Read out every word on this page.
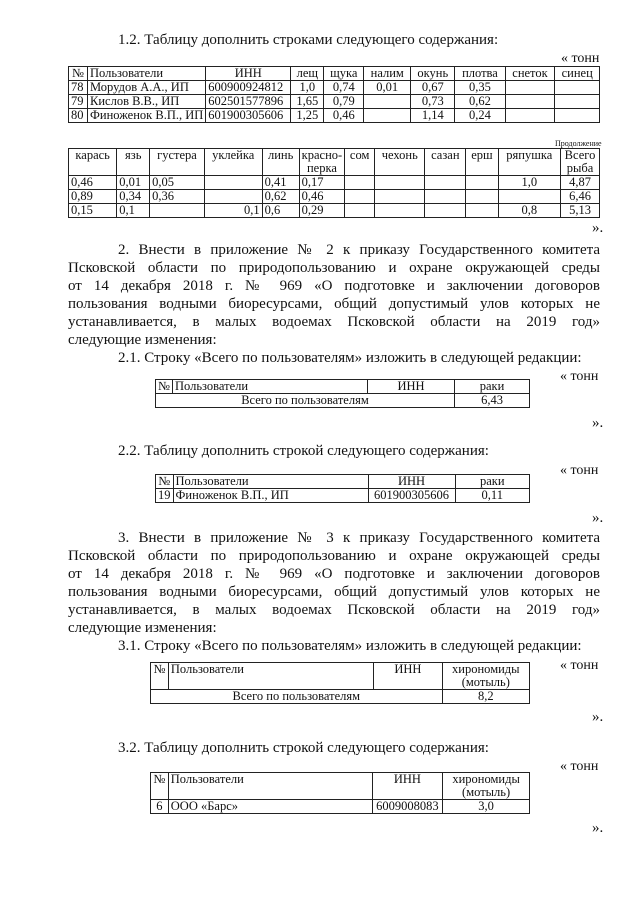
1.2. Таблицу дополнить строками следующего содержания:
« тонн
№	Пользователи	ИНН	лещ	щука	налим	окунь	плотва	снеток	синец
78	Морудов А.А., ИП	600900924812	1,0	0,74	0,01	0,67	0,35		
79	Кислов В.В., ИП	602501577896	1,65	0,79		0,73	0,62		
80	Финоженок В.П., ИП	601900305606	1,25	0,46		1,14	0,24		
Продолжение
карась	язь	густера	уклейка	линь	красно-перка	сом	чехонь	сазан	ерш	ряпушка	Всего рыба
0,46	0,01	0,05		0,41	0,17					1,0	4,87
0,89	0,34	0,36		0,62	0,46						6,46
0,15	0,1		0,1	0,6	0,29					0,8	5,13
».
2. Внести в приложение № 2 к приказу Государственного комитета
Псковской области по природопользованию и охране окружающей среды
от 14 декабря 2018 г. № 969 «О подготовке и заключении договоров
пользования водными биоресурсами, общий допустимый улов которых не
устанавливается, в малых водоемах Псковской области на 2019 год»
следующие изменения:
2.1. Строку «Всего по пользователям» изложить в следующей редакции:
« тонн
№	Пользователи	ИНН	раки
Всего по пользователям			6,43
».
2.2. Таблицу дополнить строкой следующего содержания:
« тонн
№	Пользователи	ИНН	раки
19	Финоженок В.П., ИП	601900305606	0,11
».
3. Внести в приложение № 3 к приказу Государственного комитета
Псковской области по природопользованию и охране окружающей среды
от 14 декабря 2018 г. № 969 «О подготовке и заключении договоров
пользования водными биоресурсами, общий допустимый улов которых не
устанавливается, в малых водоемах Псковской области на 2019 год»
следующие изменения:
3.1. Строку «Всего по пользователям» изложить в следующей редакции:
« тонн
№	Пользователи	ИНН	хирономиды (мотыль)
Всего по пользователям			8,2
».
3.2. Таблицу дополнить строкой следующего содержания:
« тонн
№	Пользователи	ИНН	хирономиды (мотыль)
6	ООО «Барс»	6009008083	3,0
».
